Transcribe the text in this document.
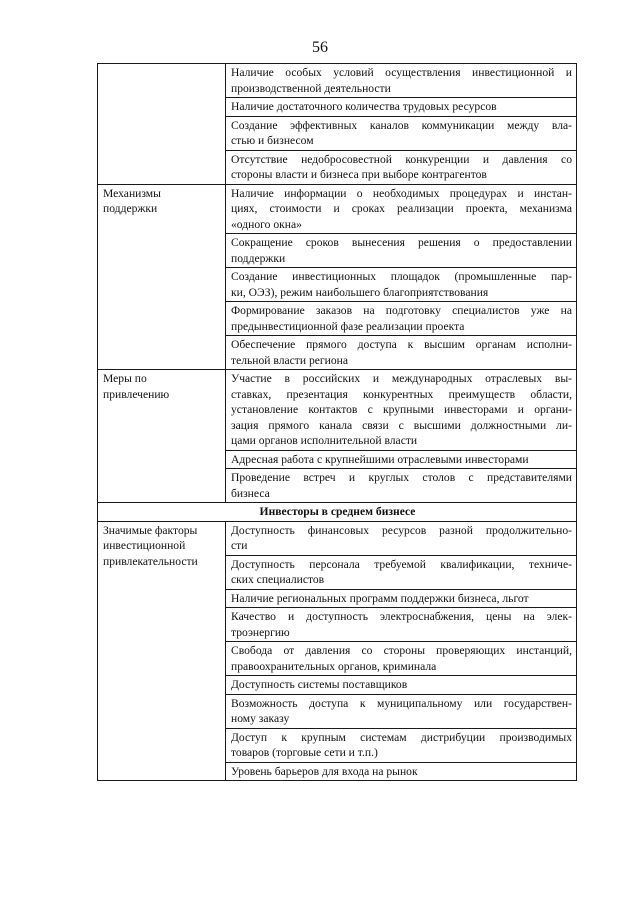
56

	Наличие особых условий осуществления инвестиционной и
производственной деятельности

	Наличие достаточного количества трудовых ресурсов

	Создание эффективных каналов коммуникации между вла-
стью и бизнесом

	Отсутствие недобросовестной конкуренции и давления со
стороны власти и бизнеса при выборе контрагентов

Механизмы
поддержки	Наличие информации о необходимых процедурах и инстан-
циях, стоимости и сроках реализации проекта, механизма
«одного окна»

	Сокращение сроков вынесения решения о предоставлении
поддержки

	Создание инвестиционных площадок (промышленные пар-
ки, ОЭЗ), режим наибольшего благоприятствования

	Формирование заказов на подготовку специалистов уже на
предынвестиционной фазе реализации проекта

	Обеспечение прямого доступа к высшим органам исполни-
тельной власти региона

Меры по
привлечению	Участие в российских и международных отраслевых вы-
ставках, презентация конкурентных преимуществ области,
установление контактов с крупными инвесторами и органи-
зация прямого канала связи с высшими должностными ли-
цами органов исполнительной власти

	Адресная работа с крупнейшими отраслевыми инвесторами

	Проведение встреч и круглых столов с представителями
бизнеса

Инвесторы в среднем бизнесе	

Значимые факторы
инвестиционной
привлекательности	Доступность финансовых ресурсов разной продолжительно-
сти

	Доступность персонала требуемой квалификации, техниче-
ских специалистов

	Наличие региональных программ поддержки бизнеса, льгот

	Качество и доступность электроснабжения, цены на элек-
троэнергию

	Свобода от давления со стороны проверяющих инстанций,
правоохранительных органов, криминала

	Доступность системы поставщиков

	Возможность доступа к муниципальному или государствен-
ному заказу

	Доступ к крупным системам дистрибуции производимых
товаров (торговые сети и т.п.)

	Уровень барьеров для входа на рынок
